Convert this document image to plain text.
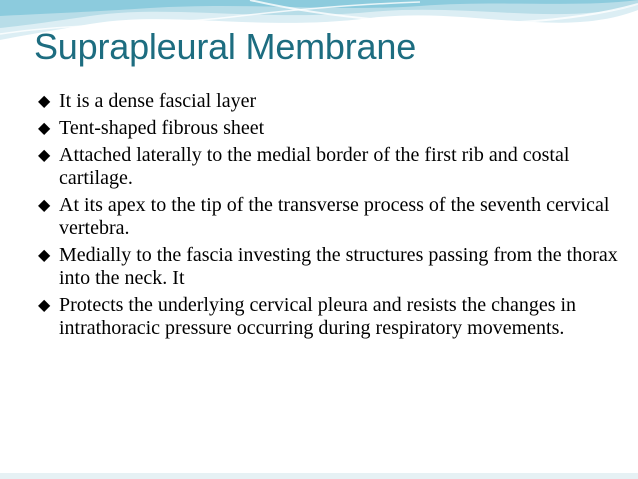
Suprapleural Membrane
◆ It is a dense fascial layer
◆ Tent-shaped fibrous sheet
◆ Attached laterally to the medial border of the first rib and costal cartilage.
◆ At its apex to the tip of the transverse process of the seventh cervical vertebra.
◆ Medially to the fascia investing the structures passing from the thorax into the neck. It
◆ Protects the underlying cervical pleura and resists the changes in intrathoracic pressure occurring during respiratory movements.
